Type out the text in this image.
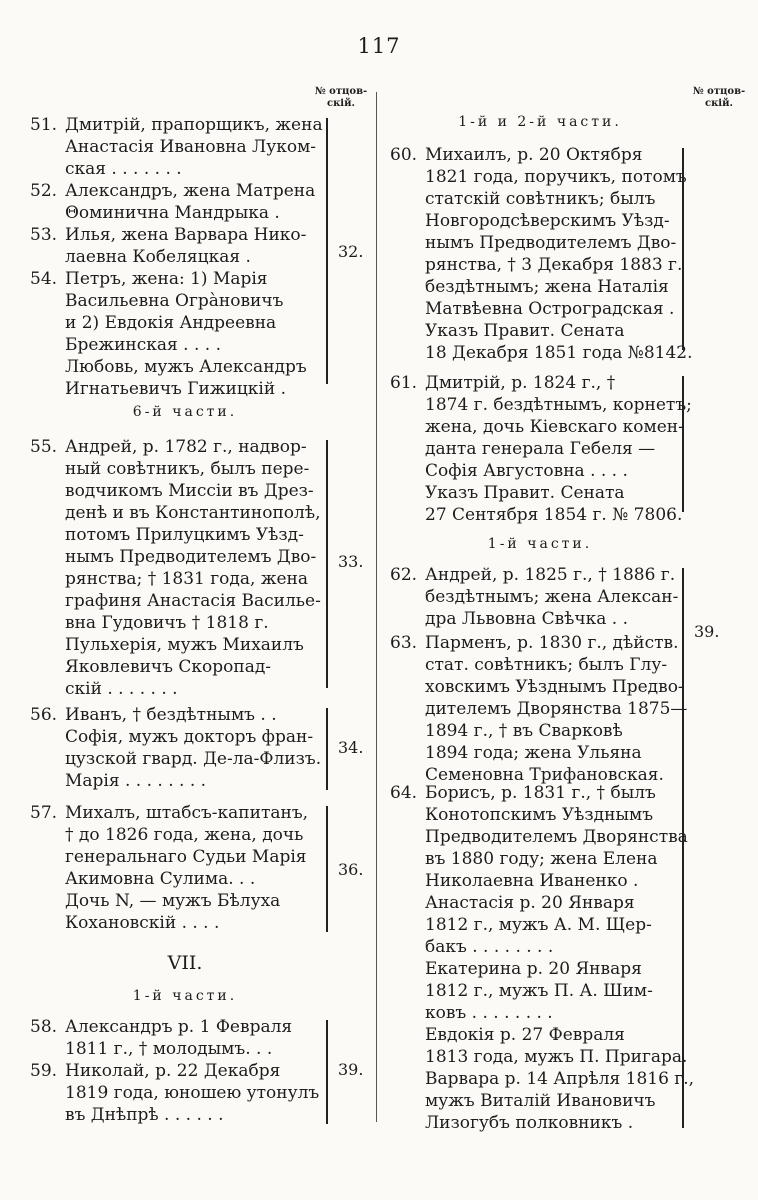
117
№ отцов-
скій.
№ отцов-
скій.
51. Дмитрій, прапорщикъ, жена
Анастасія Ивановна Луком-
ская . . . . . . .
52. Александръ, жена Матрена
Θоминична Мандрыка .
53. Илья, жена Варвара Нико-
лаевна Кобеляцкая .
54. Петръ, жена: 1) Марія
Васильевна Огрàновичъ
и 2) Евдокія Андреевна
Брежинская . . . .
Любовь, мужъ Александръ
Игнатьевичъ Гижицкій .
32.
6-й части.
55. Андрей, р. 1782 г., надвор-
ный совѣтникъ, былъ пере-
водчикомъ Миссіи въ Дрез-
денѣ и въ Константинополѣ,
потомъ Прилуцкимъ Уѣзд-
нымъ Предводителемъ Дво-
рянства; † 1831 года, жена
графиня Анастасія Василье-
вна Гудовичъ † 1818 г.
Пульхерія, мужъ Михаилъ
Яковлевичъ Скоропад-
скій . . . . . . .
33.
56. Иванъ, † бездѣтнымъ . .
Софія, мужъ докторъ фран-
цузской гвард. Де-ла-Флизъ.
Марія . . . . . . . .
34.
57. Михалъ, штабсъ-капитанъ,
† до 1826 года, жена, дочь
генеральнаго Судьи Марія
Акимовна Сулима. . .
Дочь N, — мужъ Бѣлуха
Кохановскій . . . .
36.
VII.
1-й части.
58. Александръ р. 1 Февраля
1811 г., † молодымъ. . .
59. Николай, р. 22 Декабря
1819 года, юношею утонулъ
въ Днѣпрѣ . . . . . .
39.
1-й и 2-й части.
60. Михаилъ, р. 20 Октября
1821 года, поручикъ, потомъ
статскій совѣтникъ; былъ
Новгородсѣверскимъ Уѣзд-
нымъ Предводителемъ Дво-
рянства, † 3 Декабря 1883 г.
бездѣтнымъ; жена Наталія
Матвѣевна Остроградская .
Указъ Правит. Сената
18 Декабря 1851 года №8142.
61. Дмитрій, р. 1824 г., †
1874 г. бездѣтнымъ, корнетъ;
жена, дочь Кіевскаго комен-
данта генерала Гебеля —
Софія Августовна . . . .
Указъ Правит. Сената
27 Сентября 1854 г. № 7806.
1-й части.
62. Андрей, р. 1825 г., † 1886 г.
бездѣтнымъ; жена Алексан-
дра Львовна Свѣчка . .
63. Парменъ, р. 1830 г., дѣйств.
стат. совѣтникъ; былъ Глу-
ховскимъ Уѣзднымъ Предво-
дителемъ Дворянства 1875—
1894 г., † въ Сварковѣ
1894 года; жена Ульяна
Семеновна Трифановская.
64. Борисъ, р. 1831 г., † былъ
Конотопскимъ Уѣзднымъ
Предводителемъ Дворянства
въ 1880 году; жена Елена
Николаевна Иваненко .
Анастасія р. 20 Января
1812 г., мужъ А. М. Щер-
бакъ . . . . . . . .
Екатерина р. 20 Января
1812 г., мужъ П. А. Шим-
ковъ . . . . . . . .
Евдокія р. 27 Февраля
1813 года, мужъ П. Пригара.
Варвара р. 14 Апрѣля 1816 г.,
мужъ Виталій Ивановичъ
Лизогубъ полковникъ .
39.
